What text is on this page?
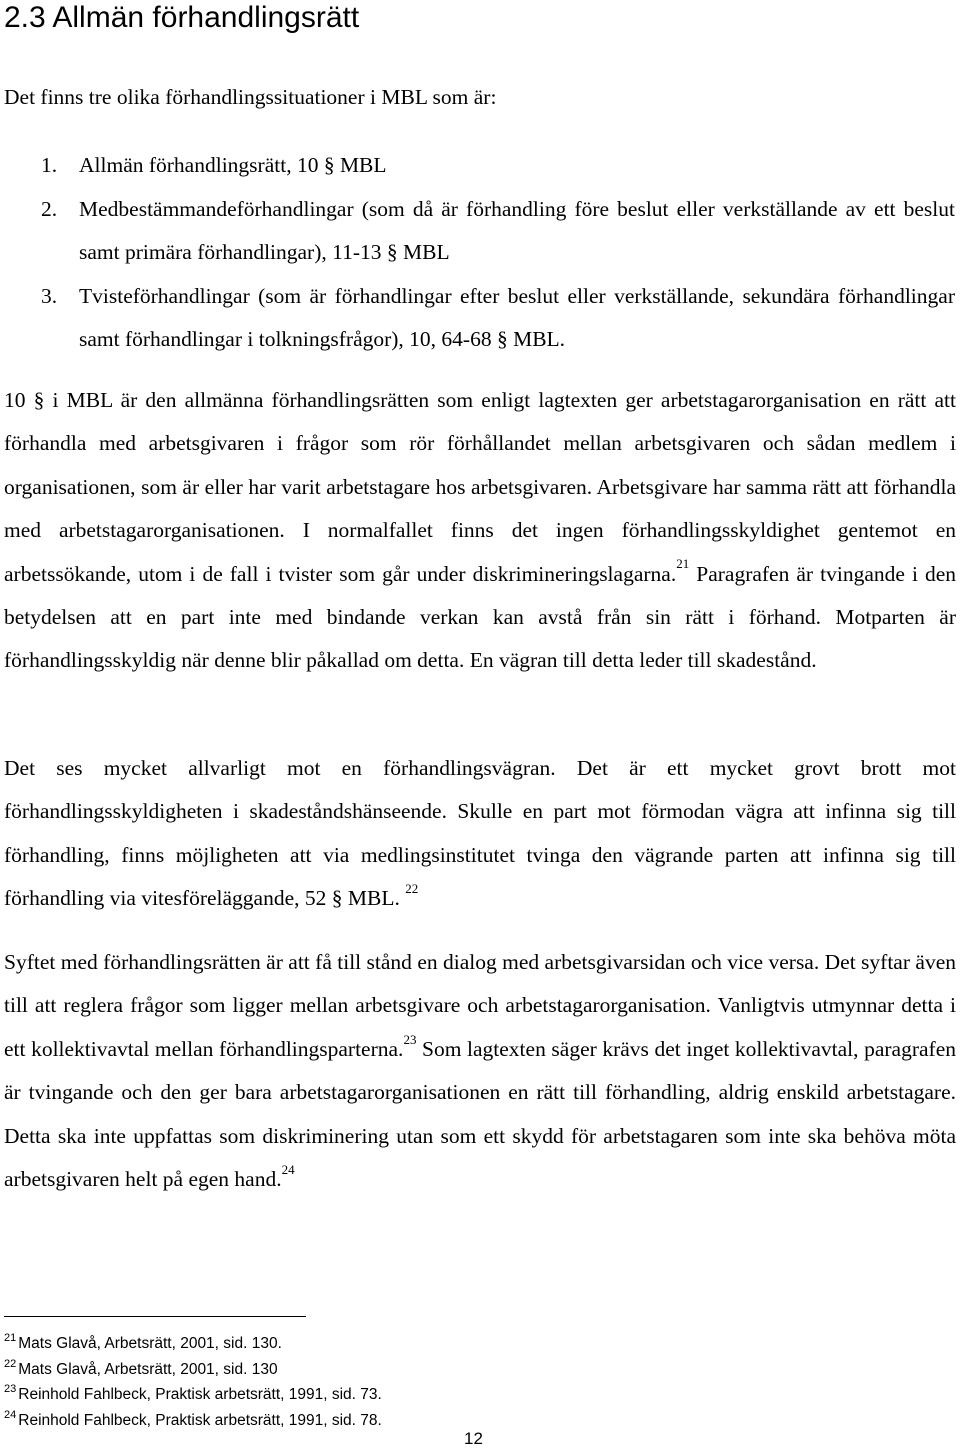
2.3 Allmän förhandlingsrätt

Det finns tre olika förhandlingssituationer i MBL som är:

1. Allmän förhandlingsrätt, 10 § MBL
2. Medbestämmandeförhandlingar (som då är förhandling före beslut eller verkställande av ett beslut samt primära förhandlingar), 11-13 § MBL
3. Tvisteförhandlingar (som är förhandlingar efter beslut eller verkställande, sekundära förhandlingar samt förhandlingar i tolkningsfrågor), 10, 64-68 § MBL.

10 § i MBL är den allmänna förhandlingsrätten som enligt lagtexten ger arbetstagarorganisation en rätt att förhandla med arbetsgivaren i frågor som rör förhållandet mellan arbetsgivaren och sådan medlem i organisationen, som är eller har varit arbetstagare hos arbetsgivaren. Arbetsgivare har samma rätt att förhandla med arbetstagarorganisationen. I normalfallet finns det ingen förhandlingsskyldighet gentemot en arbetssökande, utom i de fall i tvister som går under diskrimineringslagarna.$^{21}$ Paragrafen är tvingande i den betydelsen att en part inte med bindande verkan kan avstå från sin rätt i förhand. Motparten är förhandlingsskyldig när denne blir påkallad om detta. En vägran till detta leder till skadestånd.

Det ses mycket allvarligt mot en förhandlingsvägran. Det är ett mycket grovt brott mot förhandlingsskyldigheten i skadeståndshänseende. Skulle en part mot förmodan vägra att infinna sig till förhandling, finns möjligheten att via medlingsinstitutet tvinga den vägrande parten att infinna sig till förhandling via vitesföreläggande, 52 § MBL. $^{22}$

Syftet med förhandlingsrätten är att få till stånd en dialog med arbetsgivarsidan och vice versa. Det syftar även till att reglera frågor som ligger mellan arbetsgivare och arbetstagarorganisation. Vanligtvis utmynnar detta i ett kollektivavtal mellan förhandlingsparterna.$^{23}$ Som lagtexten säger krävs det inget kollektivavtal, paragrafen är tvingande och den ger bara arbetstagarorganisationen en rätt till förhandling, aldrig enskild arbetstagare. Detta ska inte uppfattas som diskriminering utan som ett skydd för arbetstagaren som inte ska behöva möta arbetsgivaren helt på egen hand.$^{24}$

$^{21}$ Mats Glavå, Arbetsrätt, 2001, sid. 130.
$^{22}$ Mats Glavå, Arbetsrätt, 2001, sid. 130
$^{23}$ Reinhold Fahlbeck, Praktisk arbetsrätt, 1991, sid. 73.
$^{24}$ Reinhold Fahlbeck, Praktisk arbetsrätt, 1991, sid. 78.
12
